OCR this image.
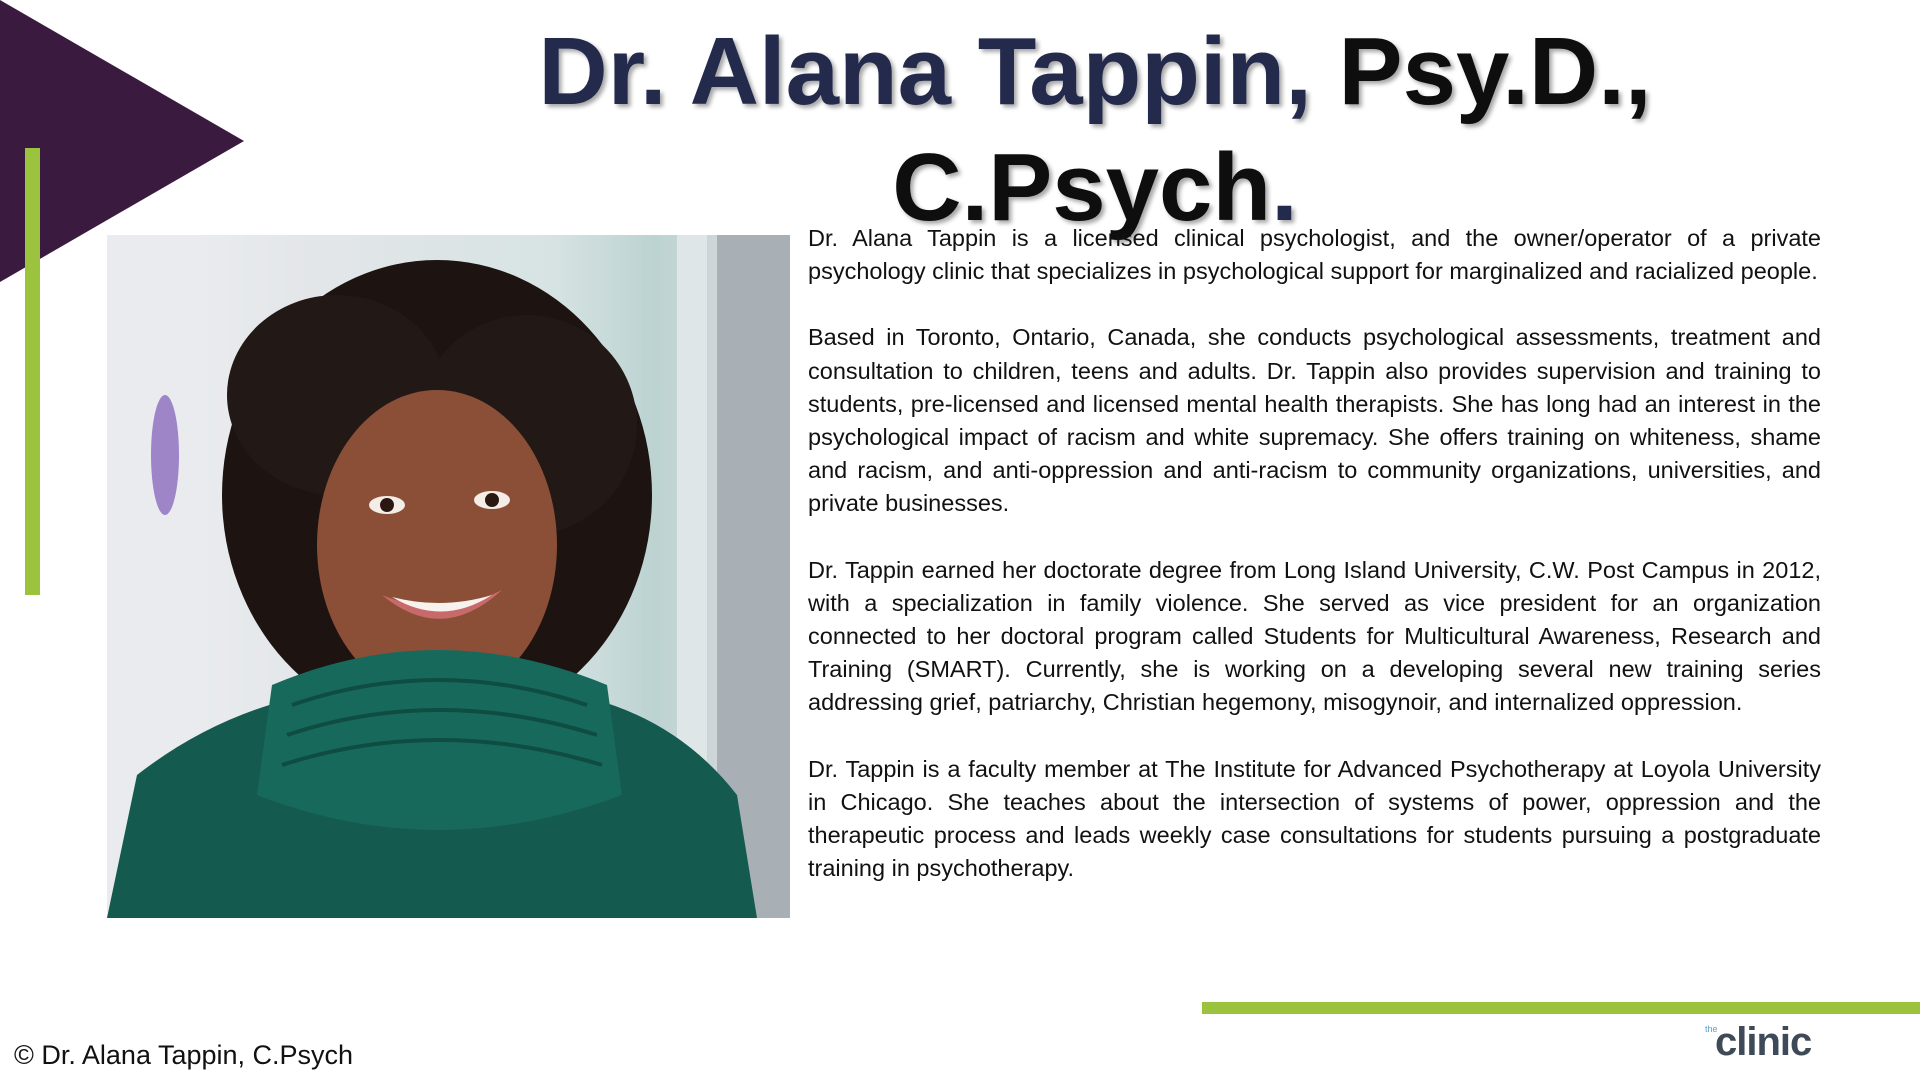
Dr. Alana Tappin, Psy.D.,
C.Psych.

Dr. Alana Tappin is a licensed clinical psychologist, and the owner/operator of a private psychology clinic that specializes in psychological support for marginalized and racialized people.

Based in Toronto, Ontario, Canada, she conducts psychological assessments, treatment and consultation to children, teens and adults. Dr. Tappin also provides supervision and training to students, pre-licensed and licensed mental health therapists. She has long had an interest in the psychological impact of racism and white supremacy. She offers training on whiteness, shame and racism, and anti-oppression and anti-racism to community organizations, universities, and private businesses.

Dr. Tappin earned her doctorate degree from Long Island University, C.W. Post Campus in 2012, with a specialization in family violence. She served as vice president for an organization connected to her doctoral program called Students for Multicultural Awareness, Research and Training (SMART). Currently, she is working on a developing several new training series addressing grief, patriarchy, Christian hegemony, misogynoir, and internalized oppression.

Dr. Tappin is a faculty member at The Institute for Advanced Psychotherapy at Loyola University in Chicago. She teaches about the intersection of systems of power, oppression and the therapeutic process and leads weekly case consultations for students pursuing a postgraduate training in psychotherapy.

© Dr. Alana Tappin, C.Psych
the
clinic
